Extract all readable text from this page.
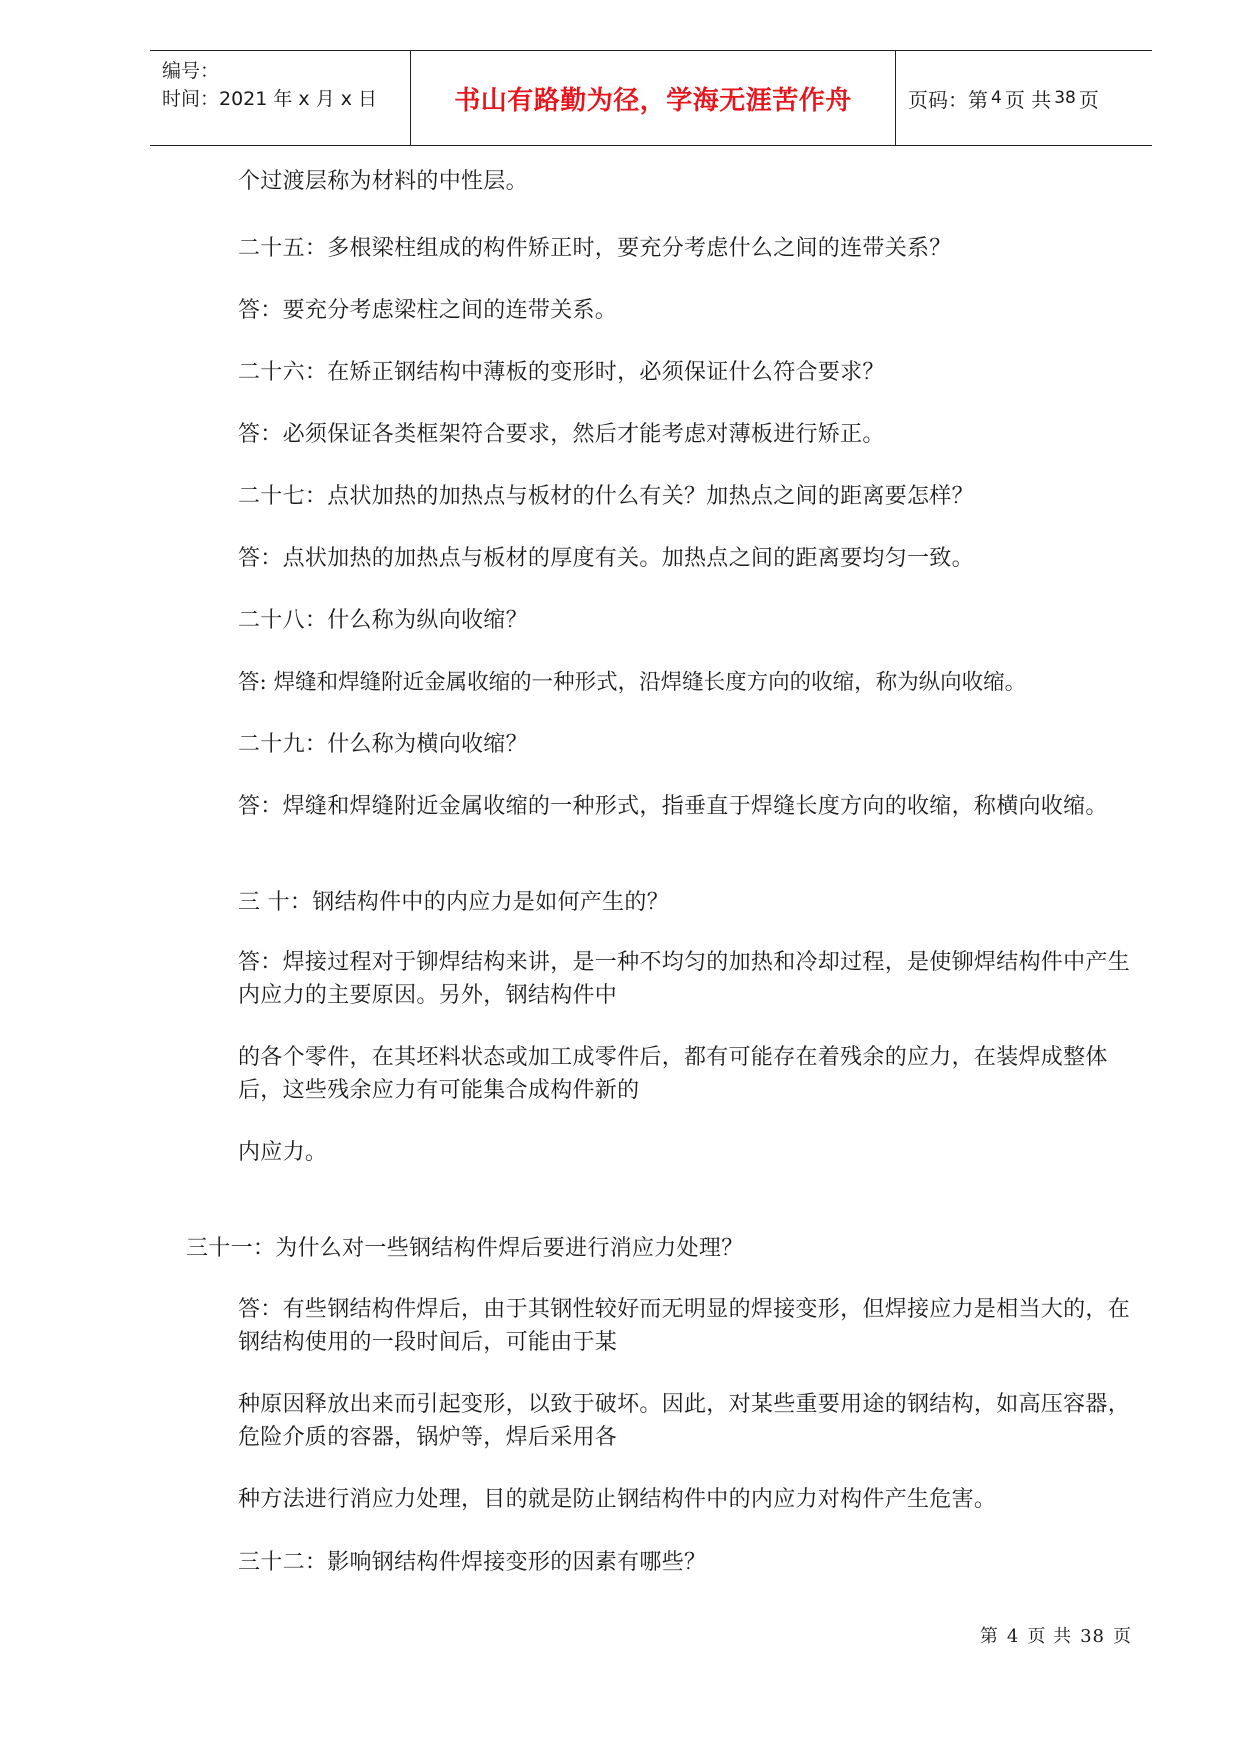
编号：
时间：2021 年 x 月 x 日	书山有路勤为径，学海无涯苦作舟	页码：第 4 页 共 38 页

个过渡层称为材料的中性层。

二十五：多根梁柱组成的构件矫正时，要充分考虑什么之间的连带关系？

答：要充分考虑梁柱之间的连带关系。

二十六：在矫正钢结构中薄板的变形时，必须保证什么符合要求？

答：必须保证各类框架符合要求，然后才能考虑对薄板进行矫正。

二十七：点状加热的加热点与板材的什么有关？加热点之间的距离要怎样？

答：点状加热的加热点与板材的厚度有关。加热点之间的距离要均匀一致。

二十八：什么称为纵向收缩？

答: 焊缝和焊缝附近金属收缩的一种形式，沿焊缝长度方向的收缩，称为纵向收缩。

二十九：什么称为横向收缩？

答：焊缝和焊缝附近金属收缩的一种形式，指垂直于焊缝长度方向的收缩，称横向收缩。

三 十：钢结构件中的内应力是如何产生的？

答：焊接过程对于铆焊结构来讲，是一种不均匀的加热和冷却过程，是使铆焊结构件中产生内应力的主要原因。另外，钢结构件中

的各个零件，在其坯料状态或加工成零件后，都有可能存在着残余的应力，在装焊成整体后，这些残余应力有可能集合成构件新的

内应力。

三十一：为什么对一些钢结构件焊后要进行消应力处理？

答：有些钢结构件焊后，由于其钢性较好而无明显的焊接变形，但焊接应力是相当大的，在钢结构使用的一段时间后，可能由于某

种原因释放出来而引起变形，以致于破坏。因此，对某些重要用途的钢结构，如高压容器，危险介质的容器，锅炉等，焊后采用各

种方法进行消应力处理，目的就是防止钢结构件中的内应力对构件产生危害。

三十二：影响钢结构件焊接变形的因素有哪些？

第 4 页 共 38 页
